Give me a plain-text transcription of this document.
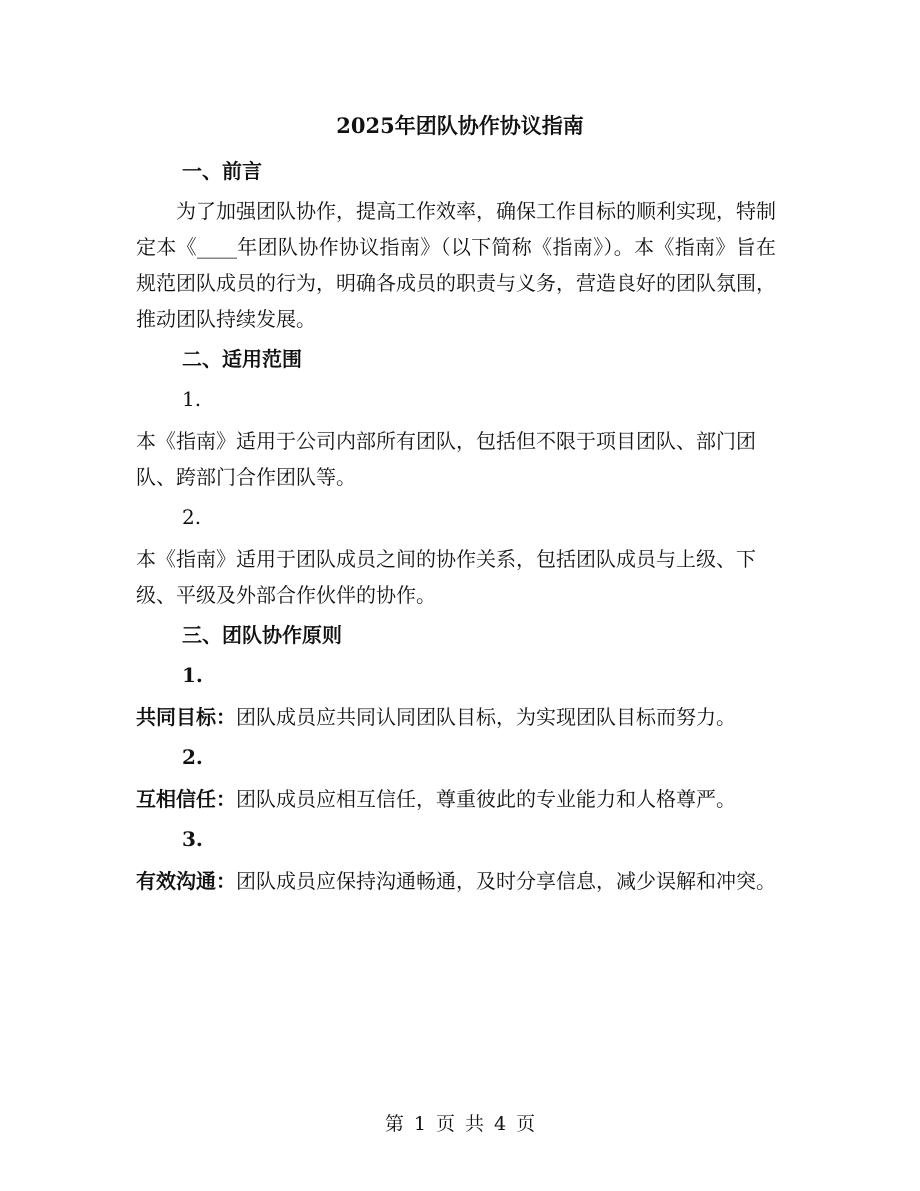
2025年团队协作协议指南

一、前言

为了加强团队协作，提高工作效率，确保工作目标的顺利实现，特制定本《____年团队协作协议指南》（以下简称《指南》）。本《指南》旨在规范团队成员的行为，明确各成员的职责与义务，营造良好的团队氛围，推动团队持续发展。

二、适用范围

1.

本《指南》适用于公司内部所有团队，包括但不限于项目团队、部门团队、跨部门合作团队等。

2.

本《指南》适用于团队成员之间的协作关系，包括团队成员与上级、下级、平级及外部合作伙伴的协作。

三、团队协作原则

1.

共同目标：团队成员应共同认同团队目标，为实现团队目标而努力。

2.

互相信任：团队成员应相互信任，尊重彼此的专业能力和人格尊严。

3.

有效沟通：团队成员应保持沟通畅通，及时分享信息，减少误解和冲突。

第 1 页 共 4 页
